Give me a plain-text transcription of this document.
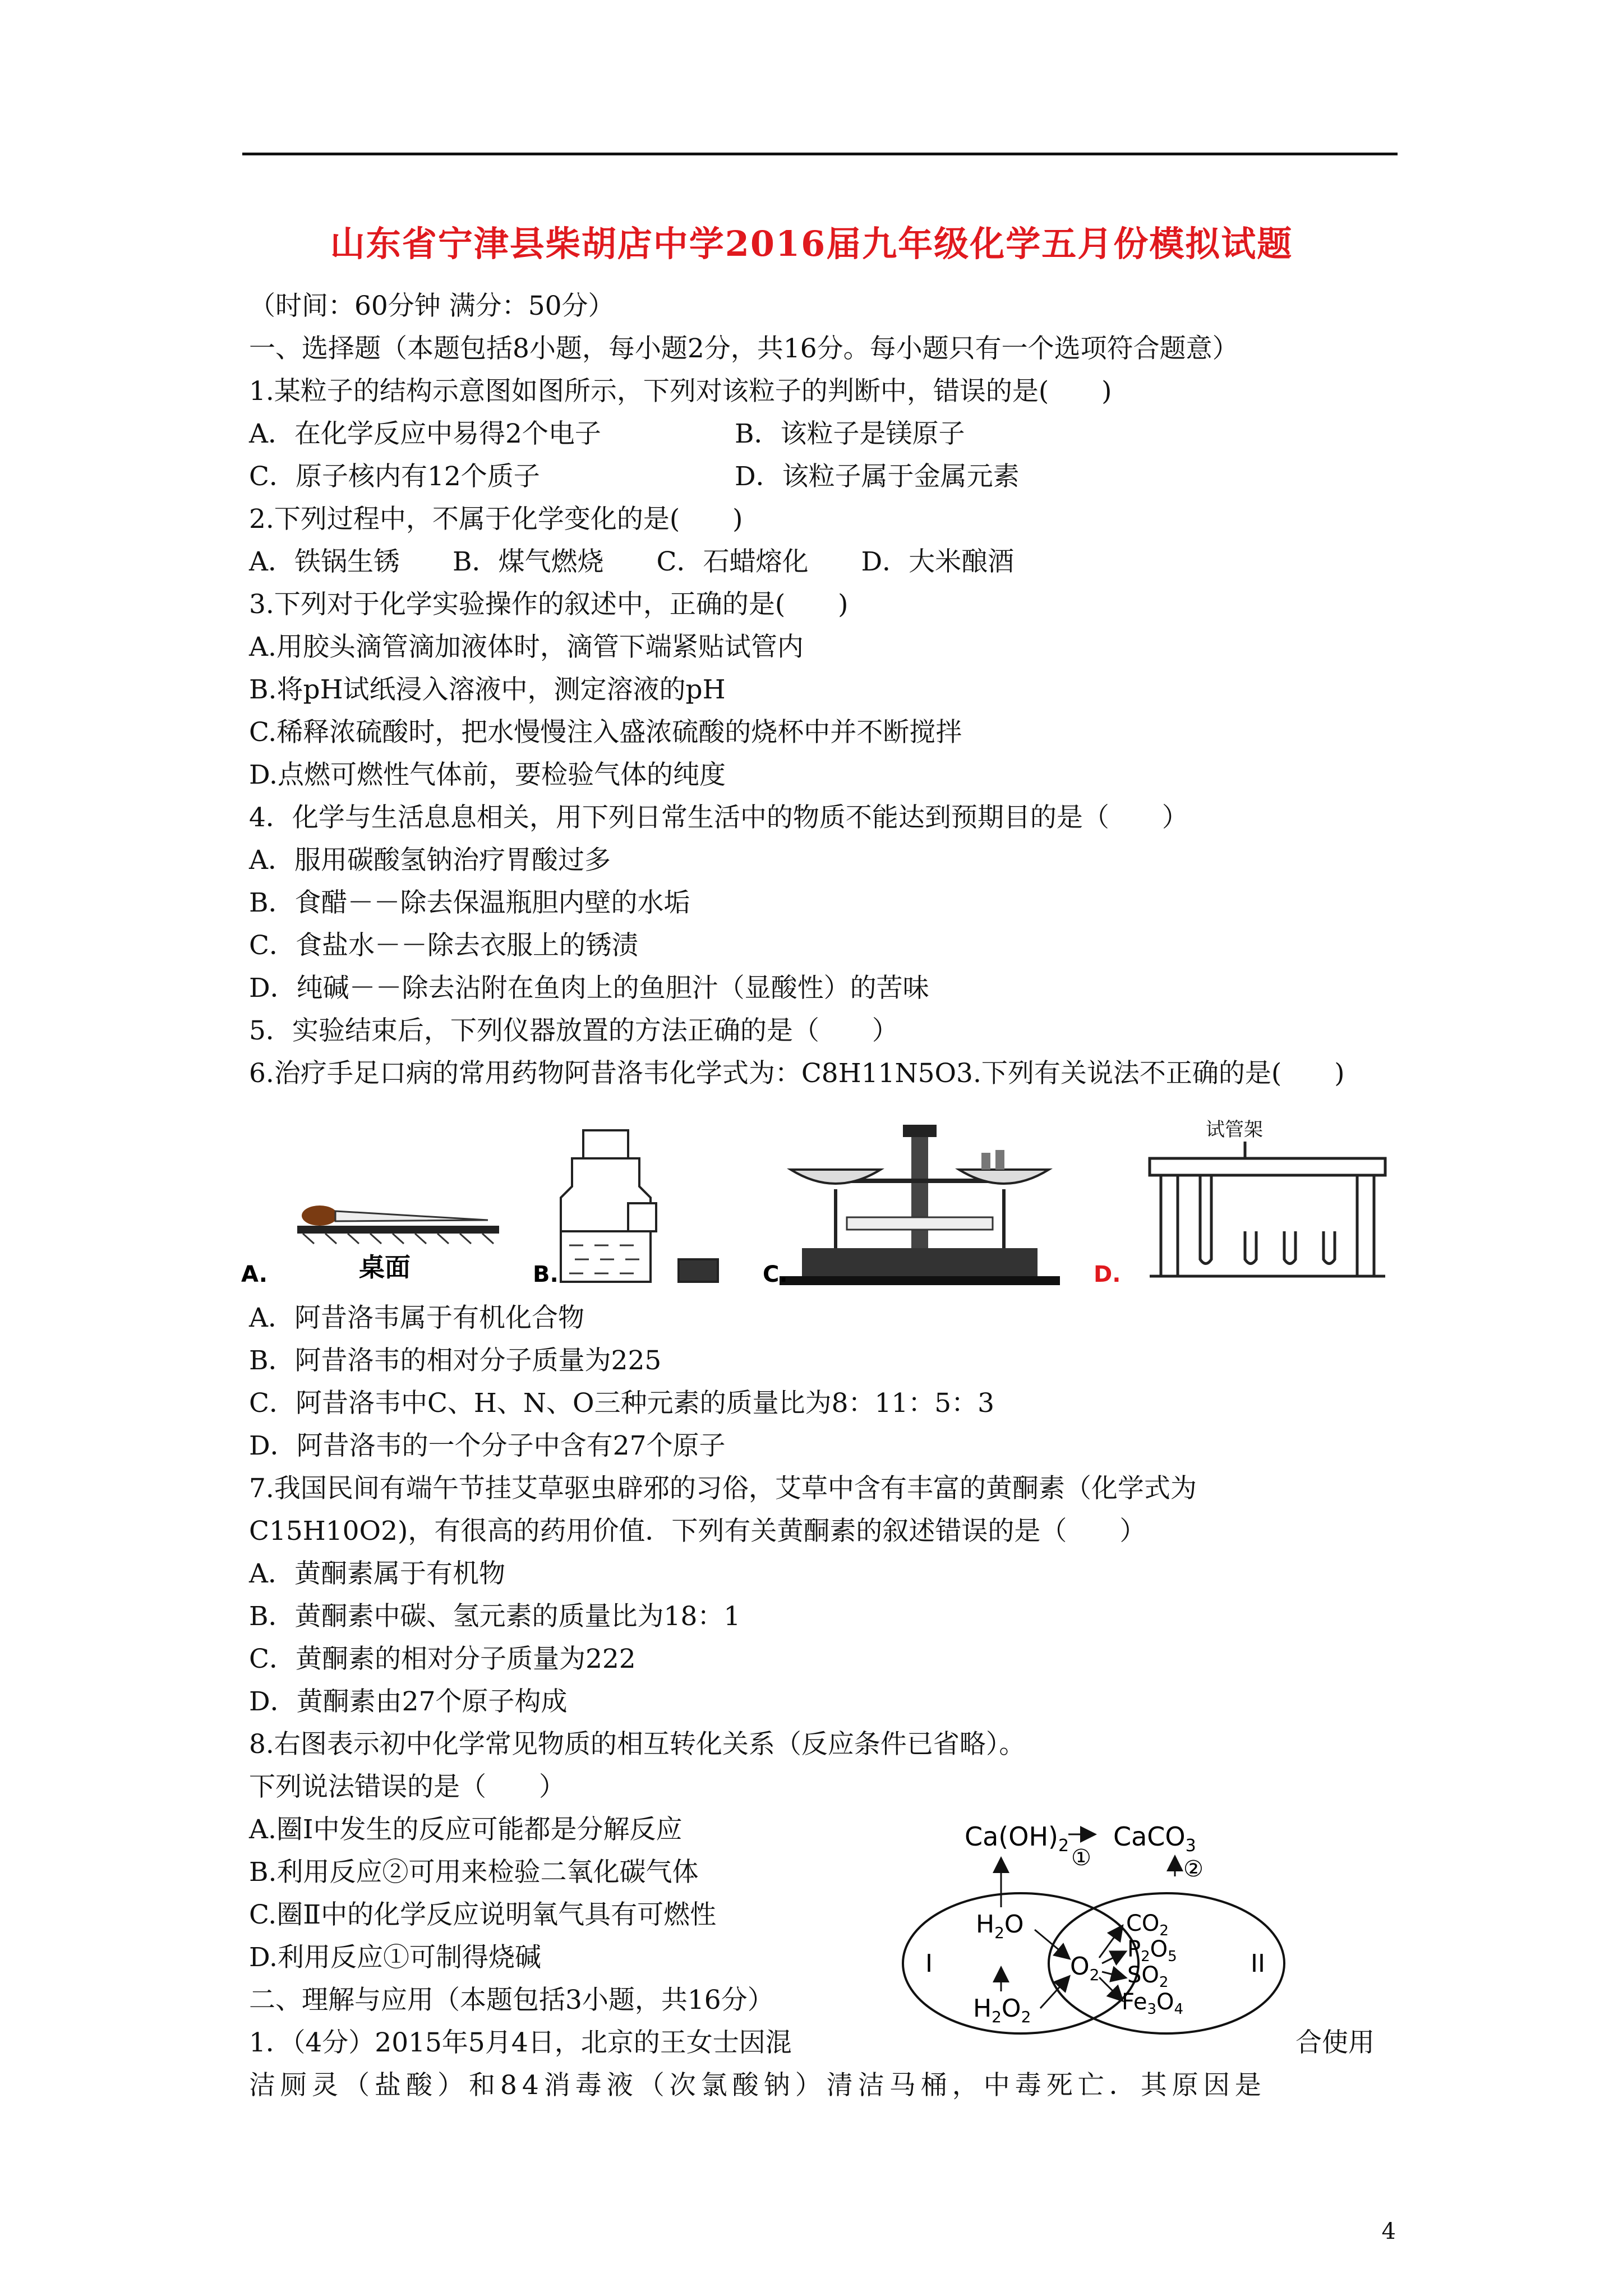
山东省宁津县柴胡店中学2016届九年级化学五月份模拟试题
（时间：60分钟 满分：50分）
一、选择题（本题包括8小题，每小题2分，共16分。每小题只有一个选项符合题意）
1.某粒子的结构示意图如图所示，下列对该粒子的判断中，错误的是(　　)
A．在化学反应中易得2个电子	B．该粒子是镁原子
C．原子核内有12个质子	D．该粒子属于金属元素
2.下列过程中，不属于化学变化的是(　　)
A．铁锅生锈　　B．煤气燃烧　　C．石蜡熔化　　D．大米酿酒
3.下列对于化学实验操作的叙述中，正确的是(　　)
A.用胶头滴管滴加液体时，滴管下端紧贴试管内
B.将pH试纸浸入溶液中，测定溶液的pH
C.稀释浓硫酸时，把水慢慢注入盛浓硫酸的烧杯中并不断搅拌
D.点燃可燃性气体前，要检验气体的纯度
4．化学与生活息息相关，用下列日常生活中的物质不能达到预期目的是（　　）
A．服用碳酸氢钠治疗胃酸过多
B．食醋－－除去保温瓶胆内壁的水垢
C．食盐水－－除去衣服上的锈渍
D．纯碱－－除去沾附在鱼肉上的鱼胆汁（显酸性）的苦味
5．实验结束后，下列仪器放置的方法正确的是（　　）
6.治疗手足口病的常用药物阿昔洛韦化学式为：C8H11N5O3.下列有关说法不正确的是(　　)
A.	桌面	B.	C.
试管架
D.
A．阿昔洛韦属于有机化合物
B．阿昔洛韦的相对分子质量为225
C．阿昔洛韦中C、H、N、O三种元素的质量比为8：11：5：3
D．阿昔洛韦的一个分子中含有27个原子
7.我国民间有端午节挂艾草驱虫辟邪的习俗，艾草中含有丰富的黄酮素（化学式为
C15H10O2)，有很高的药用价值．下列有关黄酮素的叙述错误的是（　　）
A．黄酮素属于有机物
B．黄酮素中碳、氢元素的质量比为18：1
C．黄酮素的相对分子质量为222
D．黄酮素由27个原子构成
8.右图表示初中化学常见物质的相互转化关系（反应条件已省略）。
下列说法错误的是（　　）
A.圈Ⅰ中发生的反应可能都是分解反应
B.利用反应②可用来检验二氧化碳气体
C.圈Ⅱ中的化学反应说明氧气具有可燃性
D.利用反应①可制得烧碱
$Ca(OH)_2$ ①
CaCO$_3$
②
I	II
$H_2O$
$H_2O_2$
$O_2$
$CO_2$
$P_2O_5$
$SO_2$
$Fe_3O_4$
二、理解与应用（本题包括3小题，共16分）
1．（4分）2015年5月4日，北京的王女士因混	合使用
洁厕灵（盐酸）和84消毒液（次氯酸钠）清洁马桶，中毒死亡．其原因是
4
